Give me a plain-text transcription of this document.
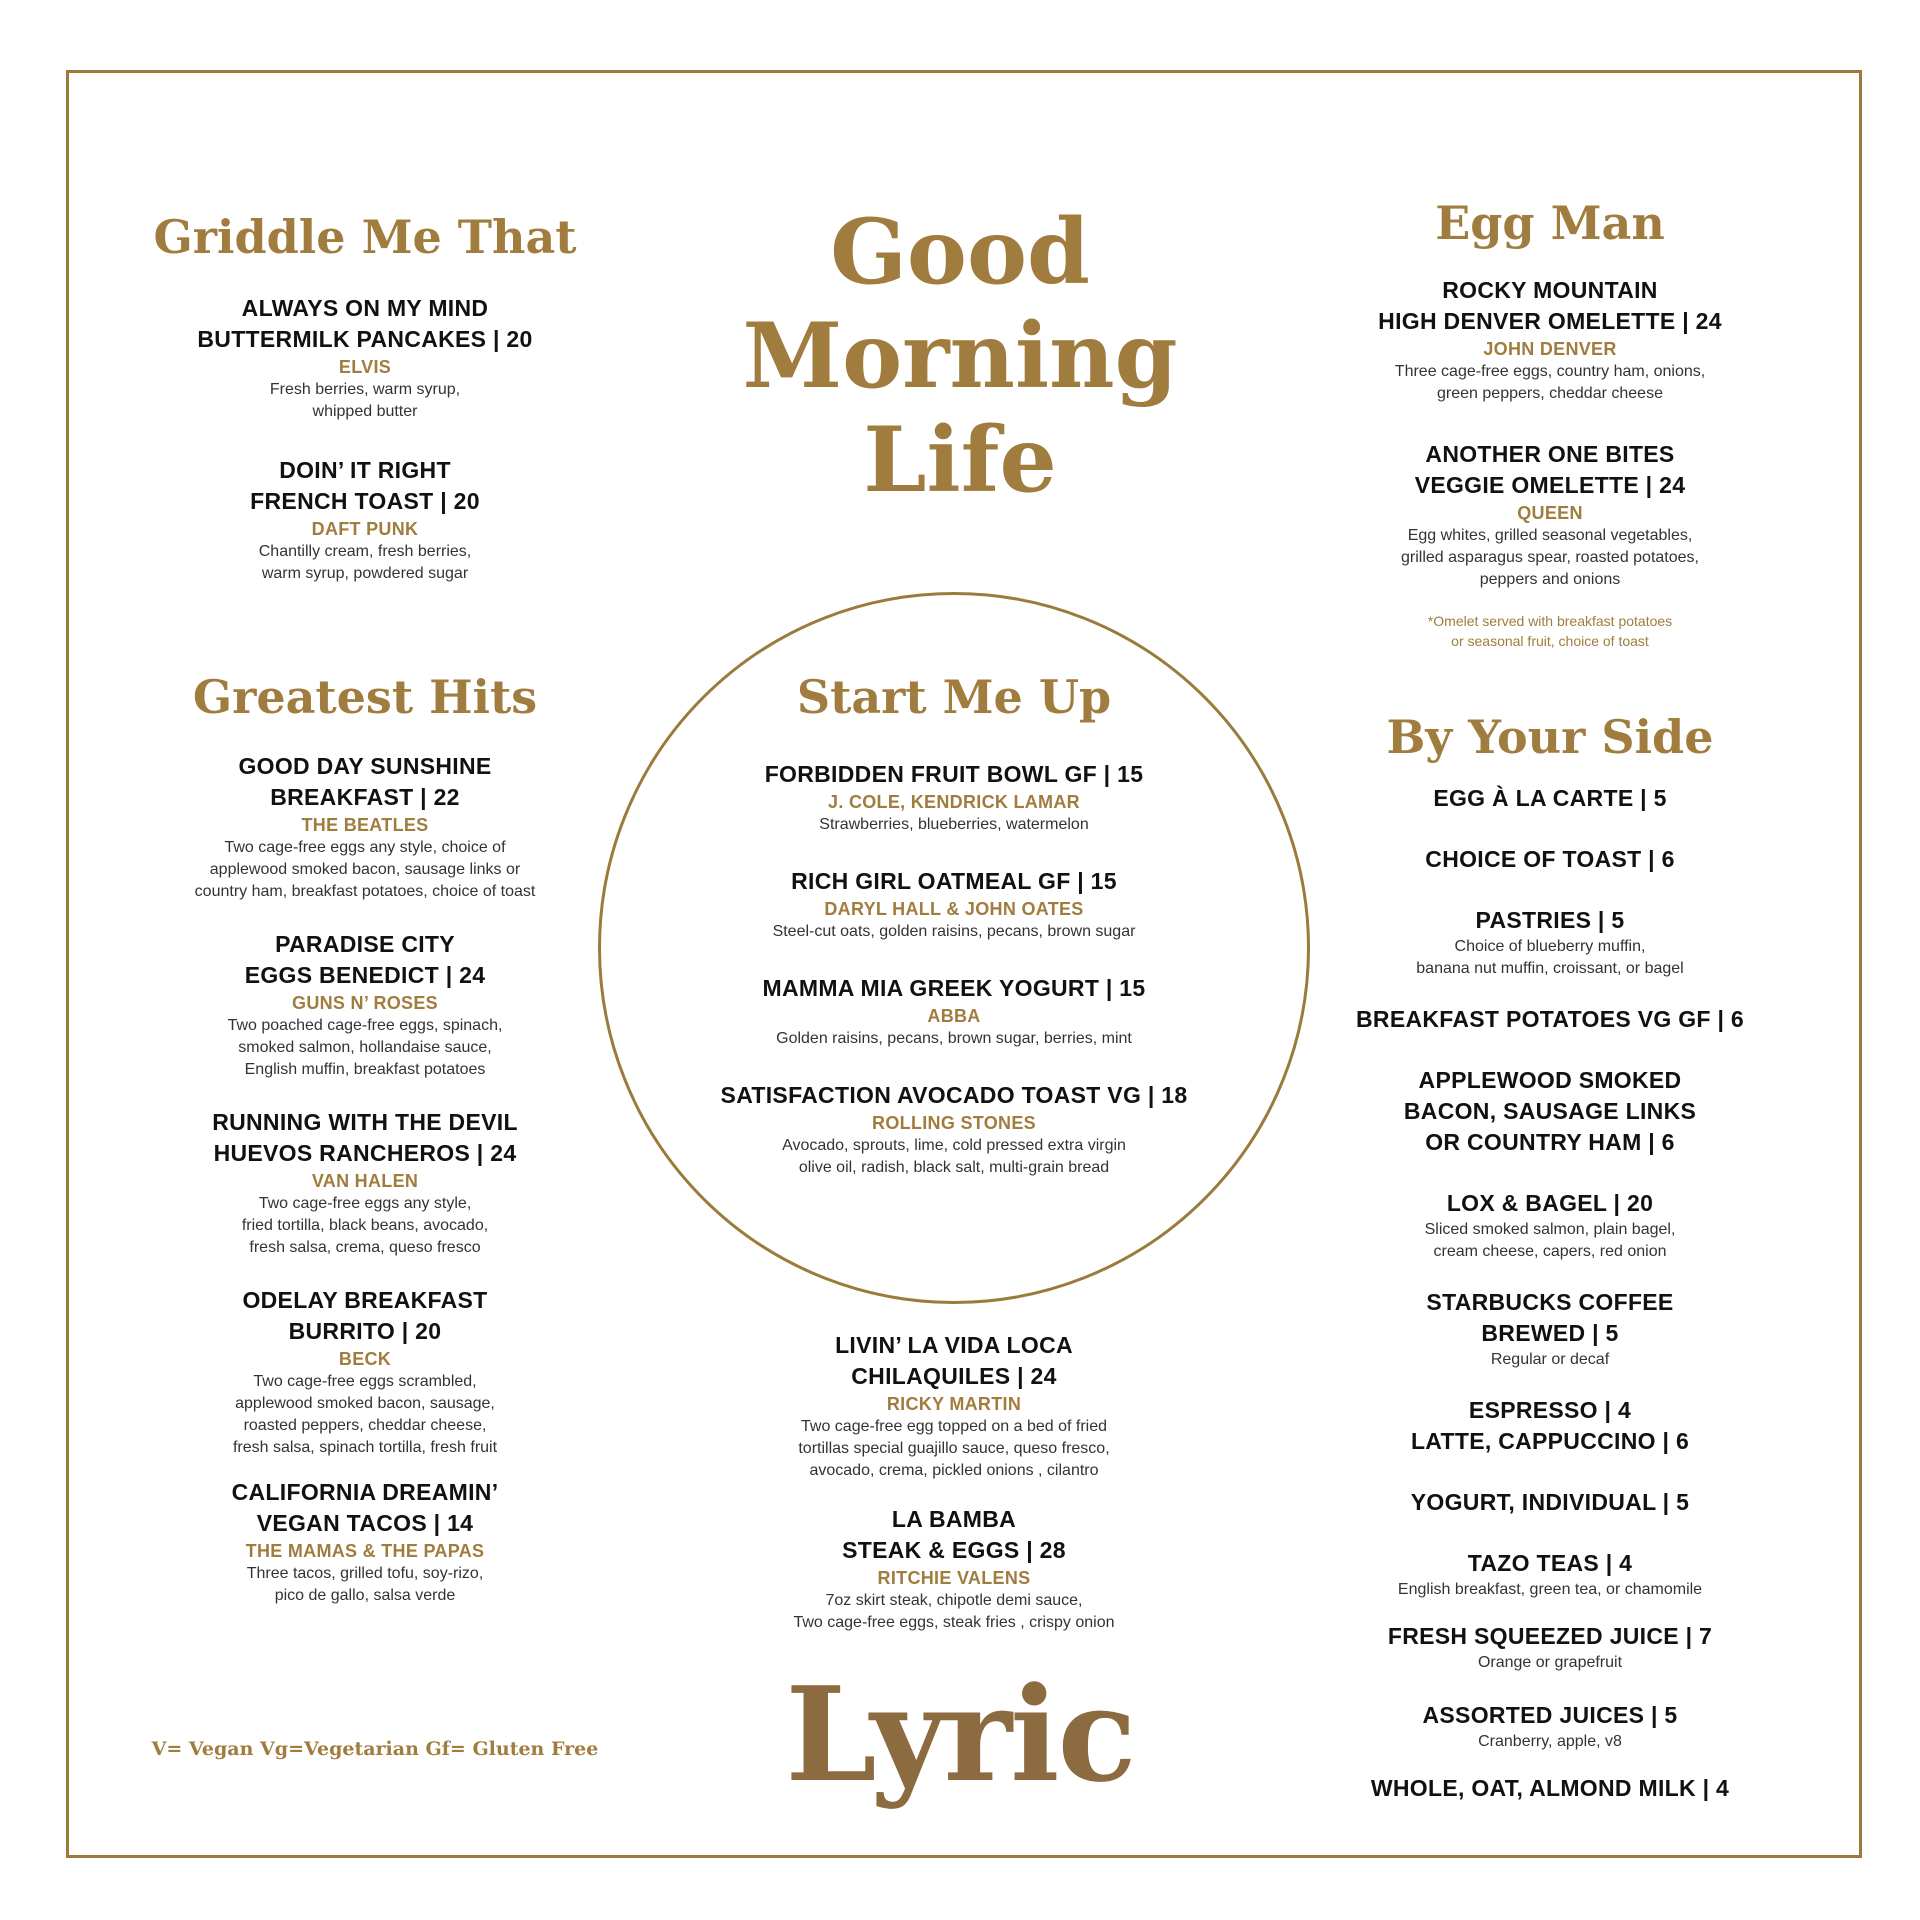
Good
Morning
Life
Griddle Me That
ALWAYS ON MY MIND
BUTTERMILK PANCAKES | 20
ELVIS
Fresh berries, warm syrup,
whipped butter
DOIN’ IT RIGHT
FRENCH TOAST | 20
DAFT PUNK
Chantilly cream, fresh berries,
warm syrup, powdered sugar
Greatest Hits
GOOD DAY SUNSHINE
BREAKFAST | 22
THE BEATLES
Two cage-free eggs any style, choice of
applewood smoked bacon, sausage links or
country ham, breakfast potatoes, choice of toast
PARADISE CITY
EGGS BENEDICT | 24
GUNS N’ ROSES
Two poached cage-free eggs, spinach,
smoked salmon, hollandaise sauce,
English muffin, breakfast potatoes
RUNNING WITH THE DEVIL
HUEVOS RANCHEROS | 24
VAN HALEN
Two cage-free eggs any style,
fried tortilla, black beans, avocado,
fresh salsa, crema, queso fresco
ODELAY BREAKFAST
BURRITO | 20
BECK
Two cage-free eggs scrambled,
applewood smoked bacon, sausage,
roasted peppers, cheddar cheese,
fresh salsa, spinach tortilla, fresh fruit
CALIFORNIA DREAMIN’
VEGAN TACOS | 14
THE MAMAS & THE PAPAS
Three tacos, grilled tofu, soy-rizo,
pico de gallo, salsa verde
Start Me Up
FORBIDDEN FRUIT BOWL GF | 15
J. COLE, KENDRICK LAMAR
Strawberries, blueberries, watermelon
RICH GIRL OATMEAL GF | 15
DARYL HALL & JOHN OATES
Steel-cut oats, golden raisins, pecans, brown sugar
MAMMA MIA GREEK YOGURT | 15
ABBA
Golden raisins, pecans, brown sugar, berries, mint
SATISFACTION AVOCADO TOAST VG | 18
ROLLING STONES
Avocado, sprouts, lime, cold pressed extra virgin
olive oil, radish, black salt, multi-grain bread
LIVIN’ LA VIDA LOCA
CHILAQUILES | 24
RICKY MARTIN
Two cage-free egg topped on a bed of fried
tortillas special guajillo sauce, queso fresco,
avocado, crema, pickled onions , cilantro
LA BAMBA
STEAK & EGGS | 28
RITCHIE VALENS
7oz skirt steak, chipotle demi sauce,
Two cage-free eggs, steak fries , crispy onion
Egg Man
ROCKY MOUNTAIN
HIGH DENVER OMELETTE | 24
JOHN DENVER
Three cage-free eggs, country ham, onions,
green peppers, cheddar cheese
ANOTHER ONE BITES
VEGGIE OMELETTE | 24
QUEEN
Egg whites, grilled seasonal vegetables,
grilled asparagus spear, roasted potatoes,
peppers and onions
*Omelet served with breakfast potatoes
or seasonal fruit, choice of toast
By Your Side
EGG À LA CARTE | 5
CHOICE OF TOAST | 6
PASTRIES | 5
Choice of blueberry muffin,
banana nut muffin, croissant, or bagel
BREAKFAST POTATOES VG GF | 6
APPLEWOOD SMOKED
BACON, SAUSAGE LINKS
OR COUNTRY HAM | 6
LOX & BAGEL | 20
Sliced smoked salmon, plain bagel,
cream cheese, capers, red onion
STARBUCKS COFFEE
BREWED | 5
Regular or decaf
ESPRESSO | 4
LATTE, CAPPUCCINO | 6
YOGURT, INDIVIDUAL | 5
TAZO TEAS | 4
English breakfast, green tea, or chamomile
FRESH SQUEEZED JUICE | 7
Orange or grapefruit
ASSORTED JUICES | 5
Cranberry, apple, v8
WHOLE, OAT, ALMOND MILK | 4
V= Vegan Vg=Vegetarian Gf= Gluten Free	Lyric
